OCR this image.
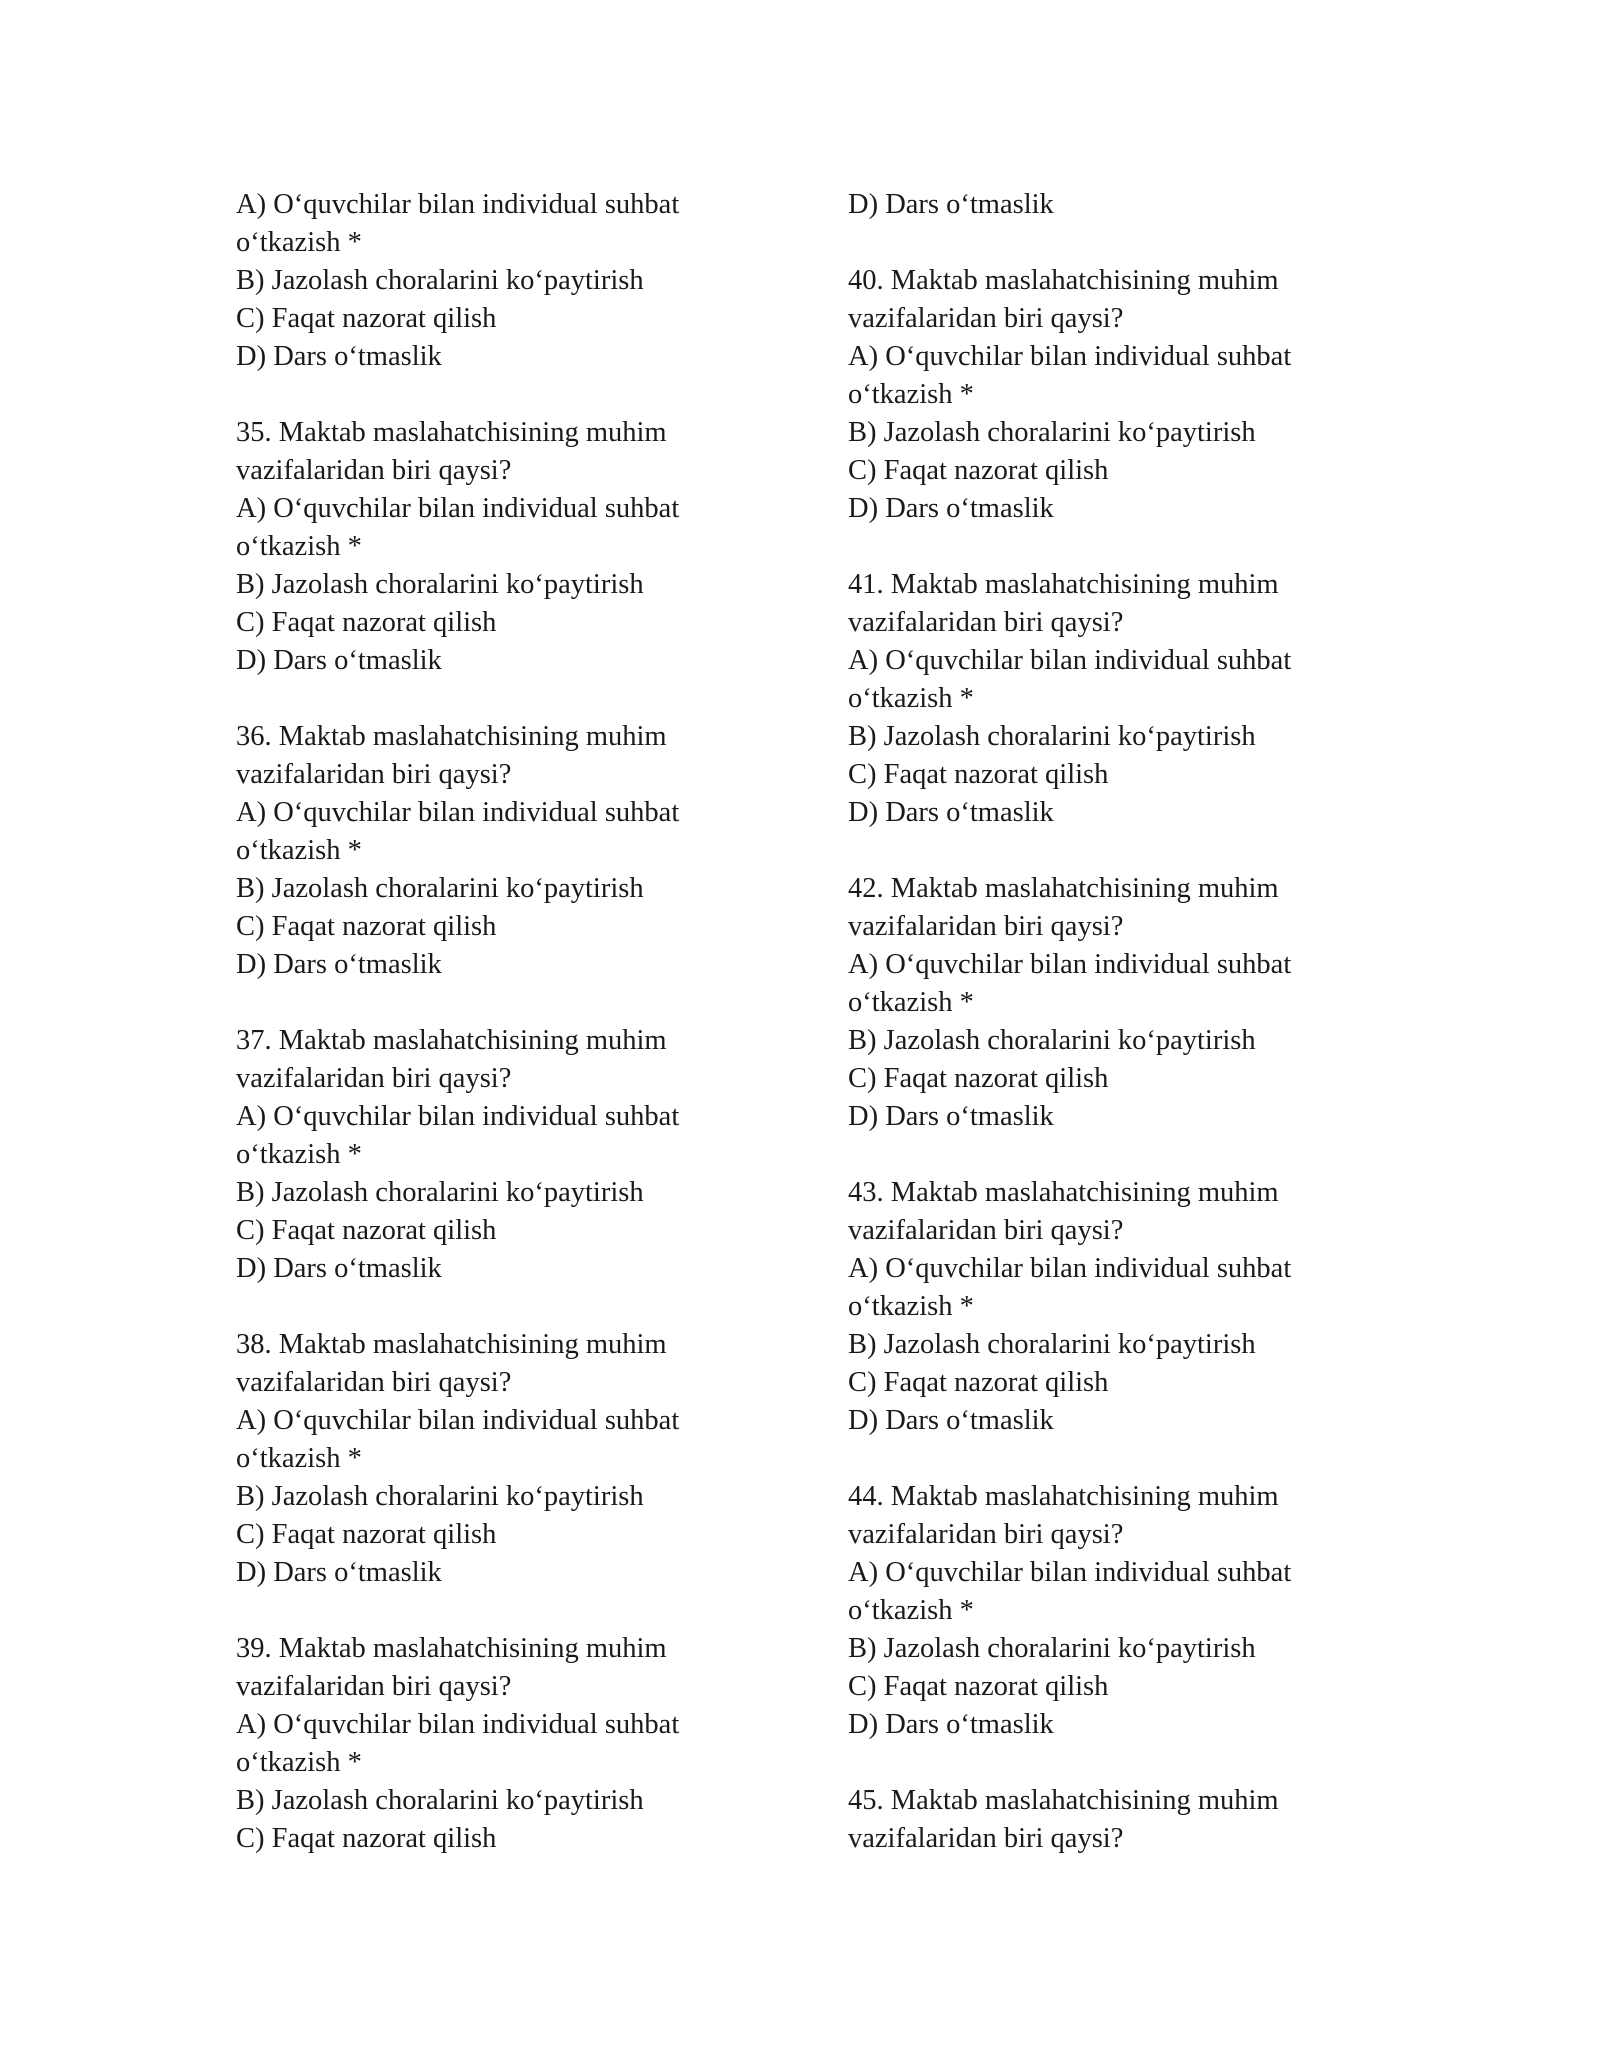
A) O‘quvchilar bilan individual suhbat
o‘tkazish *
B) Jazolash choralarini ko‘paytirish
C) Faqat nazorat qilish
D) Dars o‘tmaslik
35. Maktab maslahatchisining muhim
vazifalaridan biri qaysi?
A) O‘quvchilar bilan individual suhbat
o‘tkazish *
B) Jazolash choralarini ko‘paytirish
C) Faqat nazorat qilish
D) Dars o‘tmaslik
36. Maktab maslahatchisining muhim
vazifalaridan biri qaysi?
A) O‘quvchilar bilan individual suhbat
o‘tkazish *
B) Jazolash choralarini ko‘paytirish
C) Faqat nazorat qilish
D) Dars o‘tmaslik
37. Maktab maslahatchisining muhim
vazifalaridan biri qaysi?
A) O‘quvchilar bilan individual suhbat
o‘tkazish *
B) Jazolash choralarini ko‘paytirish
C) Faqat nazorat qilish
D) Dars o‘tmaslik
38. Maktab maslahatchisining muhim
vazifalaridan biri qaysi?
A) O‘quvchilar bilan individual suhbat
o‘tkazish *
B) Jazolash choralarini ko‘paytirish
C) Faqat nazorat qilish
D) Dars o‘tmaslik
39. Maktab maslahatchisining muhim
vazifalaridan biri qaysi?
A) O‘quvchilar bilan individual suhbat
o‘tkazish *
B) Jazolash choralarini ko‘paytirish
C) Faqat nazorat qilish
D) Dars o‘tmaslik
40. Maktab maslahatchisining muhim
vazifalaridan biri qaysi?
A) O‘quvchilar bilan individual suhbat
o‘tkazish *
B) Jazolash choralarini ko‘paytirish
C) Faqat nazorat qilish
D) Dars o‘tmaslik
41. Maktab maslahatchisining muhim
vazifalaridan biri qaysi?
A) O‘quvchilar bilan individual suhbat
o‘tkazish *
B) Jazolash choralarini ko‘paytirish
C) Faqat nazorat qilish
D) Dars o‘tmaslik
42. Maktab maslahatchisining muhim
vazifalaridan biri qaysi?
A) O‘quvchilar bilan individual suhbat
o‘tkazish *
B) Jazolash choralarini ko‘paytirish
C) Faqat nazorat qilish
D) Dars o‘tmaslik
43. Maktab maslahatchisining muhim
vazifalaridan biri qaysi?
A) O‘quvchilar bilan individual suhbat
o‘tkazish *
B) Jazolash choralarini ko‘paytirish
C) Faqat nazorat qilish
D) Dars o‘tmaslik
44. Maktab maslahatchisining muhim
vazifalaridan biri qaysi?
A) O‘quvchilar bilan individual suhbat
o‘tkazish *
B) Jazolash choralarini ko‘paytirish
C) Faqat nazorat qilish
D) Dars o‘tmaslik
45. Maktab maslahatchisining muhim
vazifalaridan biri qaysi?
